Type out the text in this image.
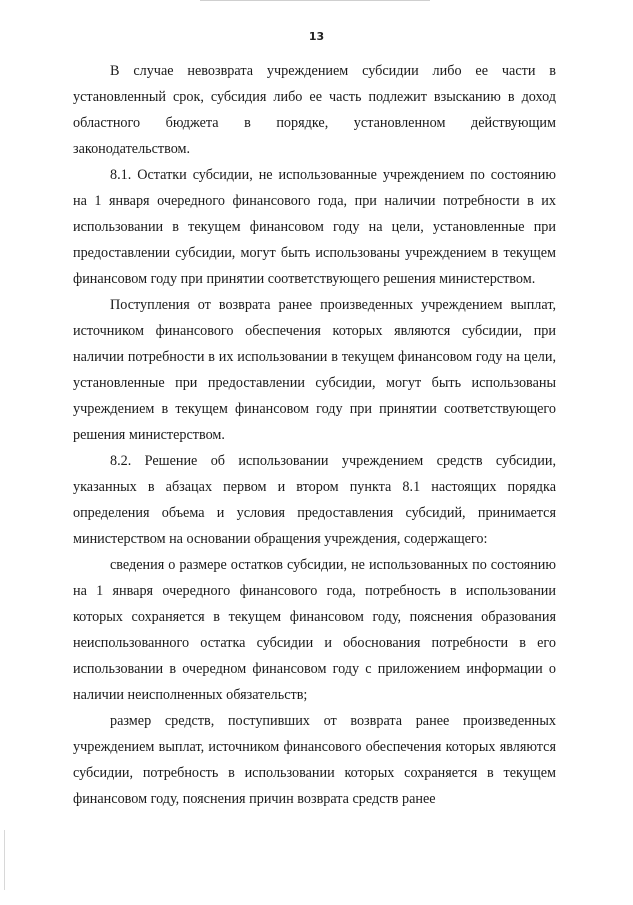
13

В случае невозврата учреждением субсидии либо ее части в установленный срок, субсидия либо ее часть подлежит взысканию в доход областного бюджета в порядке, установленном действующим законодательством.

8.1. Остатки субсидии, не использованные учреждением по состоянию на 1 января очередного финансового года, при наличии потребности в их использовании в текущем финансовом году на цели, установленные при предоставлении субсидии, могут быть использованы учреждением в текущем финансовом году при принятии соответствующего решения министерством.

Поступления от возврата ранее произведенных учреждением выплат, источником финансового обеспечения которых являются субсидии, при наличии потребности в их использовании в текущем финансовом году на цели, установленные при предоставлении субсидии, могут быть использованы учреждением в текущем финансовом году при принятии соответствующего решения министерством.

8.2. Решение об использовании учреждением средств субсидии, указанных в абзацах первом и втором пункта 8.1 настоящих порядка определения объема и условия предоставления субсидий, принимается министерством на основании обращения учреждения, содержащего:

сведения о размере остатков субсидии, не использованных по состоянию на 1 января очередного финансового года, потребность в использовании которых сохраняется в текущем финансовом году, пояснения образования неиспользованного остатка субсидии и обоснования потребности в его использовании в очередном финансовом году с приложением информации о наличии неисполненных обязательств;

размер средств, поступивших от возврата ранее произведенных учреждением выплат, источником финансового обеспечения которых являются субсидии, потребность в использовании которых сохраняется в текущем финансовом году, пояснения причин возврата средств ранее
